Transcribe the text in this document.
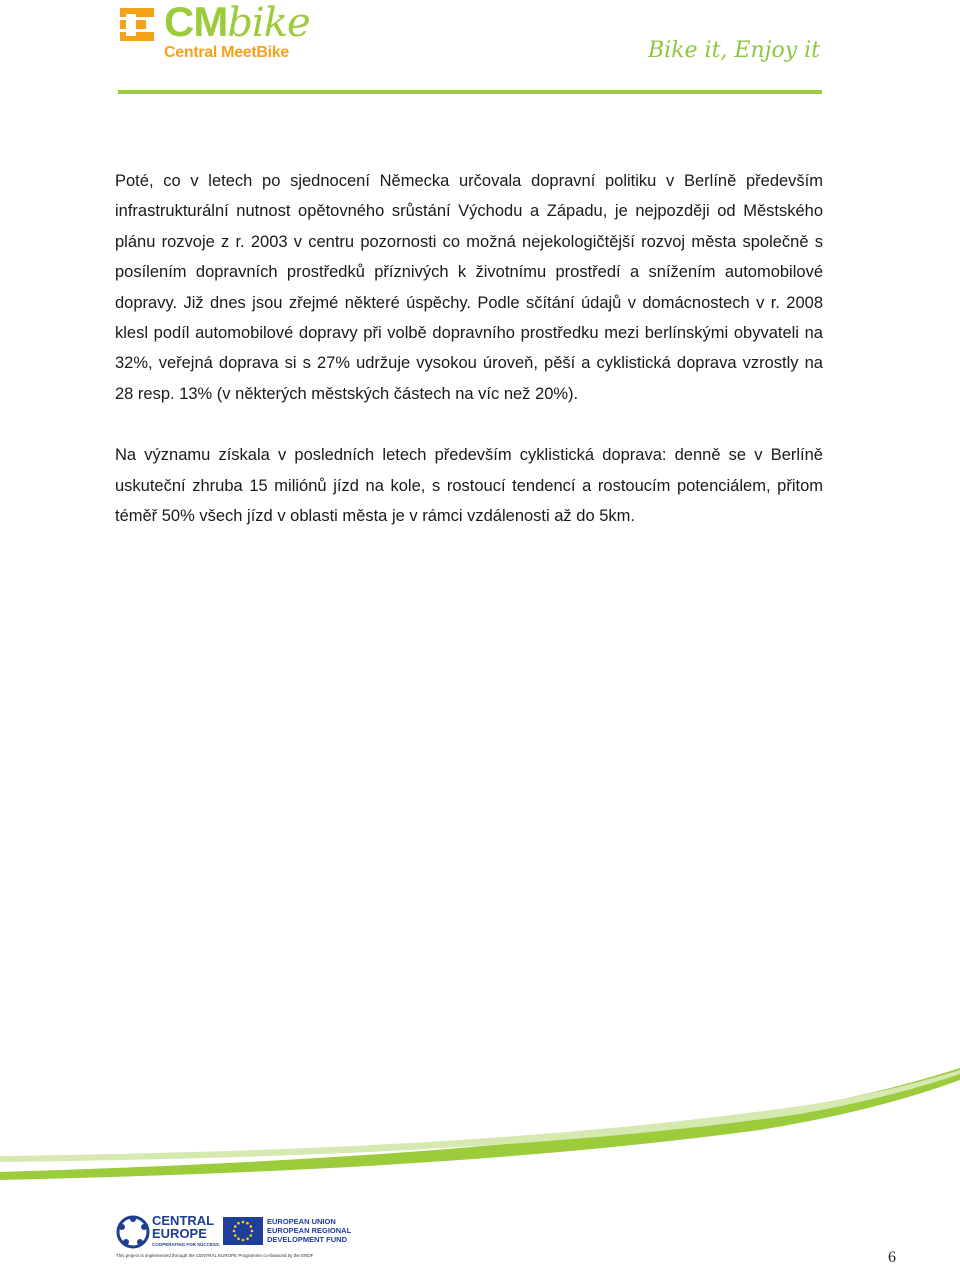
CMbike
Central MeetBike	Bike it, Enjoy it

Poté, co v letech po sjednocení Německa určovala dopravní politiku v Berlíně především infrastrukturální nutnost opětovného srůstání Východu a Západu, je nejpozději od Městského plánu rozvoje z r. 2003 v centru pozornosti co možná nejekologičtější rozvoj města společně s posílením dopravních prostředků příznivých k životnímu prostředí a snížením automobilové dopravy. Již dnes jsou zřejmé některé úspěchy. Podle sčítání údajů v domácnostech v r. 2008 klesl podíl automobilové dopravy při volbě dopravního prostředku mezi berlínskými obyvateli na 32%, veřejná doprava si s 27% udržuje vysokou úroveň, pěší a cyklistická doprava vzrostly na 28 resp. 13% (v některých městských částech na víc než 20%).

Na významu získala v posledních letech především cyklistická doprava: denně se v Berlíně uskuteční zhruba 15 miliónů jízd na kole, s rostoucí tendencí a rostoucím potenciálem, přitom téměř 50% všech jízd v oblasti města je v rámci vzdálenosti až do 5km.

CENTRAL
EUROPE
COOPERATING FOR SUCCESS.
EUROPEAN UNION
EUROPEAN REGIONAL
DEVELOPMENT FUND
This project is implemented through the CENTRAL EUROPE Programme co-financed by the ERDF	6
